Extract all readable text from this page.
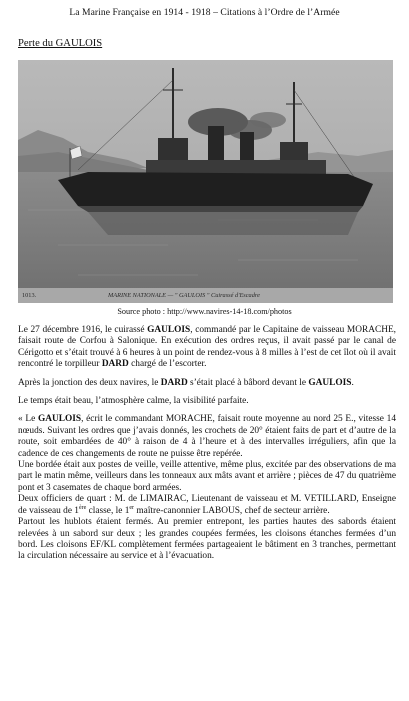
La Marine Française en 1914 - 1918 – Citations à l’Ordre de l’Armée
Perte du GAULOIS
1013.	MARINE NATIONALE — " GAULOIS " Cuirassé d'Escadre
Source photo : http://www.navires-14-18.com/photos

Le 27 décembre 1916, le cuirassé GAULOIS, commandé par le Capitaine de vaisseau MORACHE, faisait route de Corfou à Salonique. En exécution des ordres reçus, il avait passé par le canal de Cérigotto et s’était trouvé à 6 heures à un point de rendez-vous à 8 milles à l’est de cet îlot où il avait rencontré le torpilleur DARD chargé de l’escorter.

Après la jonction des deux navires, le DARD s’était placé à bâbord devant le GAULOIS.

Le temps était beau, l’atmosphère calme, la visibilité parfaite.

« Le GAULOIS, écrit le commandant MORACHE, faisait route moyenne au nord 25 E., vitesse 14 nœuds. Suivant les ordres que j’avais donnés, les crochets de 20° étaient faits de part et d’autre de la route, soit embardées de 40° à raison de 4 à l’heure et à des intervalles irréguliers, afin que la cadence de ces changements de route ne puisse être repérée.

Une bordée était aux postes de veille, veille attentive, même plus, excitée par des observations de ma part le matin même, veilleurs dans les tonneaux aux mâts avant et arrière ; pièces de 47 du quatrième pont et 3 casemates de chaque bord armées.

Deux officiers de quart : M. de LIMAIRAC, Lieutenant de vaisseau et M. VETILLARD, Enseigne de vaisseau de 1ère classe, le 1er maître-canonnier LABOUS, chef de secteur arrière.

Partout les hublots étaient fermés. Au premier entrepont, les parties hautes des sabords étaient relevées à un sabord sur deux ; les grandes coupées fermées, les cloisons étanches fermées d’un bord. Les cloisons EF/KL complètement fermées partageaient le bâtiment en 3 tranches, permettant la circulation nécessaire au service et à l’évacuation.
